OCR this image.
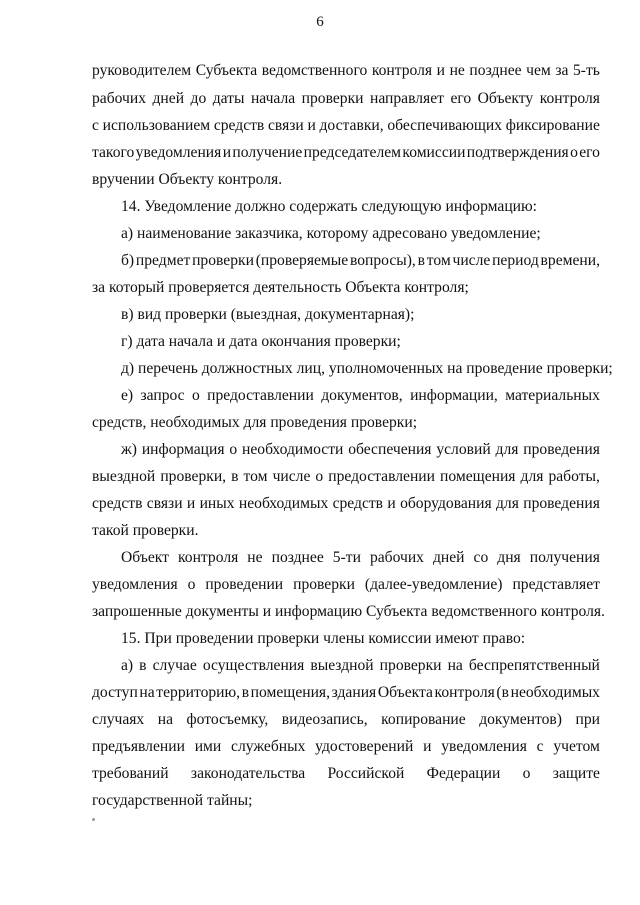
6
руководителем Субъекта ведомственного контроля и не позднее чем за 5-ть
рабочих дней до даты начала проверки направляет его Объекту контроля
с использованием средств связи и доставки, обеспечивающих фиксирование
такого уведомления и получение председателем комиссии подтверждения о его
вручении Объекту контроля.
14. Уведомление должно содержать следующую информацию:
а) наименование заказчика, которому адресовано уведомление;
б) предмет проверки (проверяемые вопросы), в том числе период времени,
за который проверяется деятельность Объекта контроля;
в) вид проверки (выездная, документарная);
г) дата начала и дата окончания проверки;
д) перечень должностных лиц, уполномоченных на проведение проверки;
е) запрос о предоставлении документов, информации, материальных
средств, необходимых для проведения проверки;
ж) информация о необходимости обеспечения условий для проведения
выездной проверки, в том числе о предоставлении помещения для работы,
средств связи и иных необходимых средств и оборудования для проведения
такой проверки.
Объект контроля не позднее 5-ти рабочих дней со дня получения
уведомления о проведении проверки (далее-уведомление) представляет
запрошенные документы и информацию Субъекта ведомственного контроля.
15. При проведении проверки члены комиссии имеют право:
а) в случае осуществления выездной проверки на беспрепятственный
доступ на территорию, в помещения, здания Объекта контроля (в необходимых
случаях на фотосъемку, видеозапись, копирование документов) при
предъявлении ими служебных удостоверений и уведомления с учетом
требований законодательства Российской Федерации о защите
государственной тайны;
